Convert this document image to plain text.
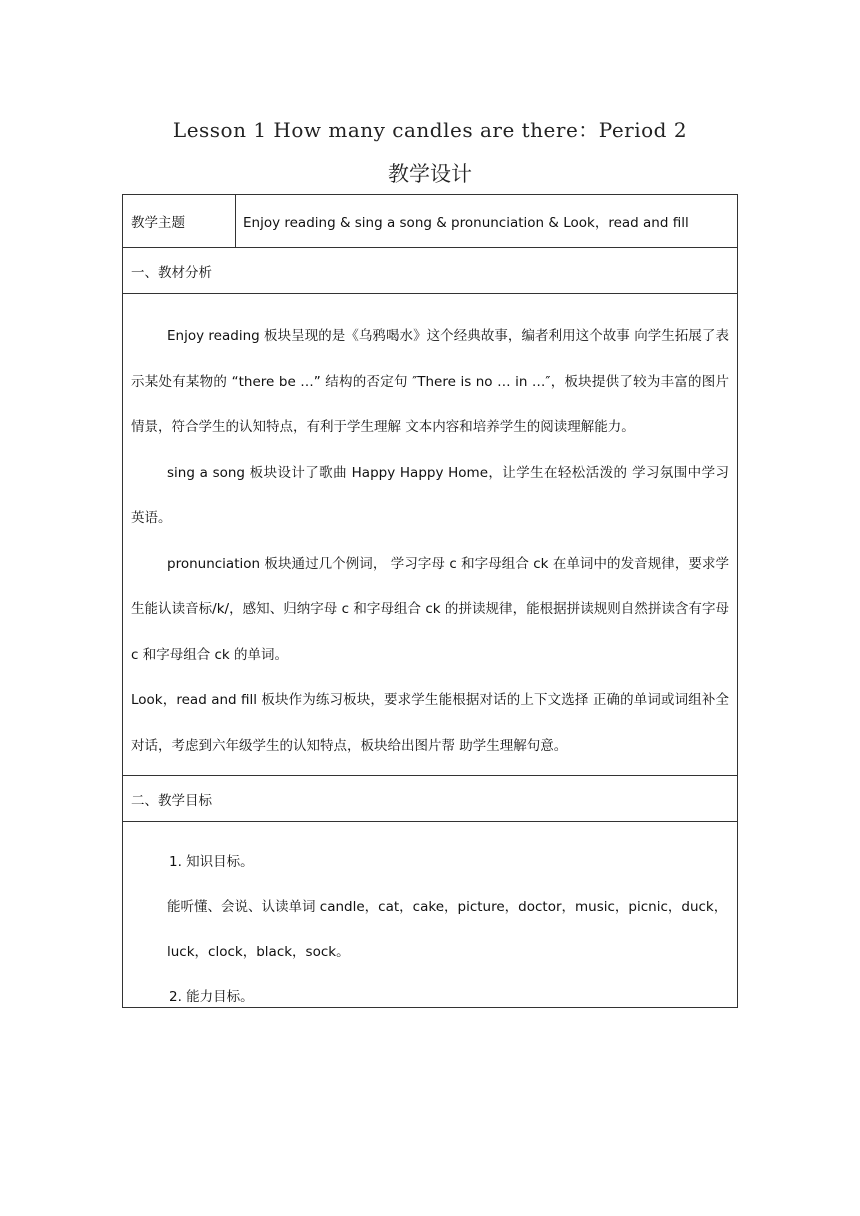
Lesson 1 How many candles are there：Period 2
教学设计
教学主题	Enjoy reading & sing a song & pronunciation & Look，read and fill
一、教材分析

Enjoy reading 板块呈现的是《乌鸦喝水》这个经典故事，编者利用这个故事 向学生拓展了表示某处有某物的 “there be …” 结构的否定句 ″There is no … in …″，板块提供了较为丰富的图片情景，符合学生的认知特点，有利于学生理解 文本内容和培养学生的阅读理解能力。

sing a song 板块设计了歌曲 Happy Happy Home，让学生在轻松活泼的 学习氛围中学习英语。

pronunciation 板块通过几个例词， 学习字母 c 和字母组合 ck 在单词中的发音规律，要求学生能认读音标/k/，感知、归纳字母 c 和字母组合 ck 的拼读规律，能根据拼读规则自然拼读含有字母 c 和字母组合 ck 的单词。

Look，read and fill 板块作为练习板块，要求学生能根据对话的上下文选择 正确的单词或词组补全对话，考虑到六年级学生的认知特点，板块给出图片帮 助学生理解句意。

二、教学目标

1. 知识目标。

能听懂、会说、认读单词 candle，cat，cake，picture，doctor，music，picnic，duck，luck，clock，black，sock。

2. 能力目标。
